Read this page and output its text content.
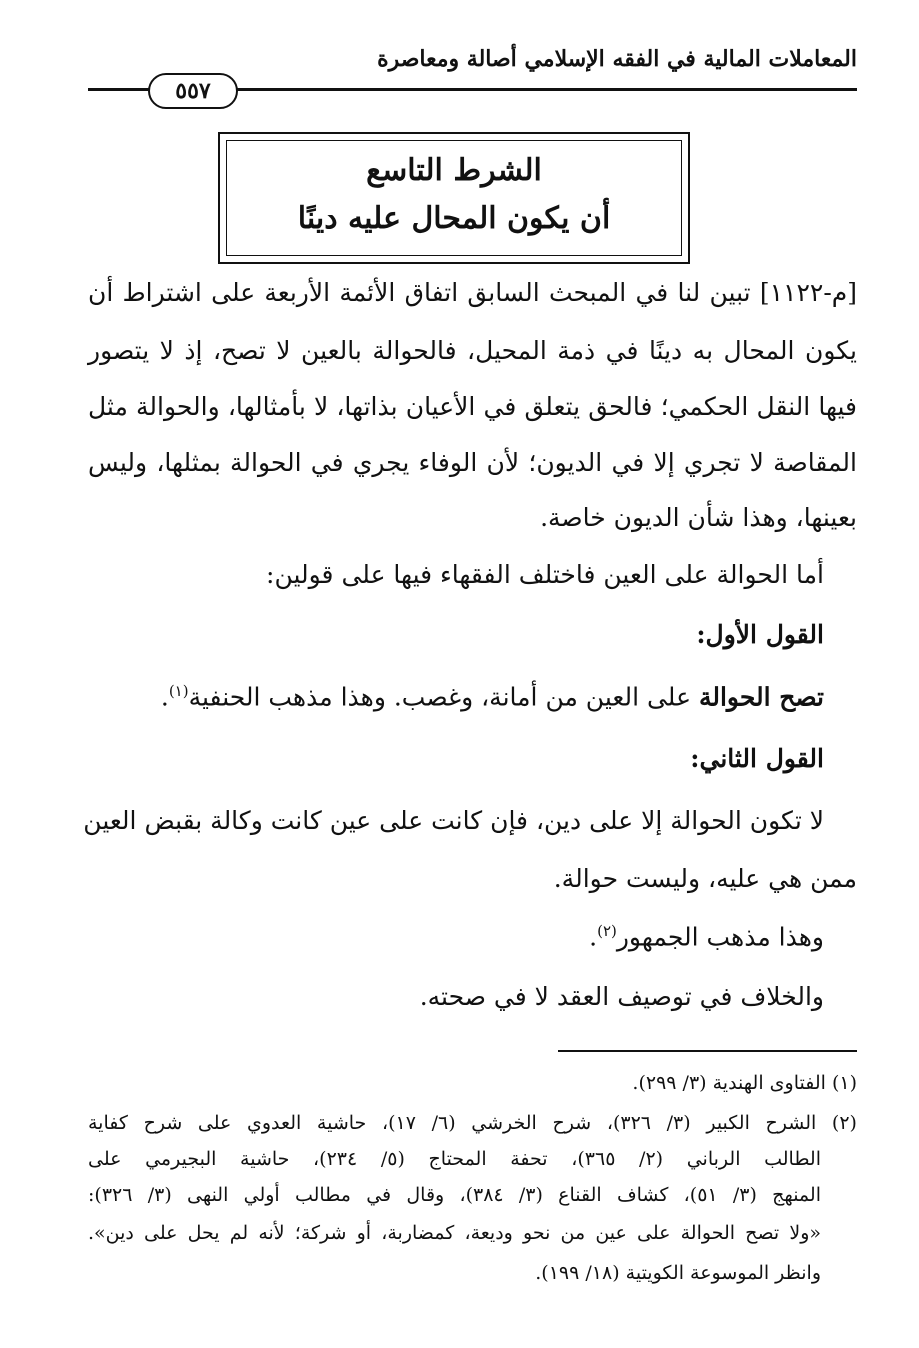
المعاملات المالية في الفقه الإسلامي أصالة ومعاصرة
٥٥٧
الشرط التاسع
أن يكون المحال عليه دينًا
[م-١١٢٢] تبين لنا في المبحث السابق اتفاق الأئمة الأربعة على اشتراط أن
يكون المحال به دينًا في ذمة المحيل، فالحوالة بالعين لا تصح، إذ لا يتصور
فيها النقل الحكمي؛ فالحق يتعلق في الأعيان بذاتها، لا بأمثالها، والحوالة مثل
المقاصة لا تجري إلا في الديون؛ لأن الوفاء يجري في الحوالة بمثلها، وليس
بعينها، وهذا شأن الديون خاصة.
أما الحوالة على العين فاختلف الفقهاء فيها على قولين:
القول الأول:
تصح الحوالة على العين من أمانة، وغصب. وهذا مذهب الحنفية$^{(١)}$.
القول الثاني:
لا تكون الحوالة إلا على دين، فإن كانت على عين كانت وكالة بقبض العين
ممن هي عليه، وليست حوالة.
وهذا مذهب الجمهور$^{(٢)}$.
والخلاف في توصيف العقد لا في صحته.
(١) الفتاوى الهندية (٣/ ٢٩٩).
(٢) الشرح الكبير (٣/ ٣٢٦)، شرح الخرشي (٦/ ١٧)، حاشية العدوي على شرح كفاية
الطالب الرباني (٢/ ٣٦٥)، تحفة المحتاج (٥/ ٢٣٤)، حاشية البجيرمي على
المنهج (٣/ ٥١)، كشاف القناع (٣/ ٣٨٤)، وقال في مطالب أولي النهى (٣/ ٣٢٦):
«ولا تصح الحوالة على عين من نحو وديعة، كمضاربة، أو شركة؛ لأنه لم يحل على دين».
وانظر الموسوعة الكويتية (١٨/ ١٩٩).
